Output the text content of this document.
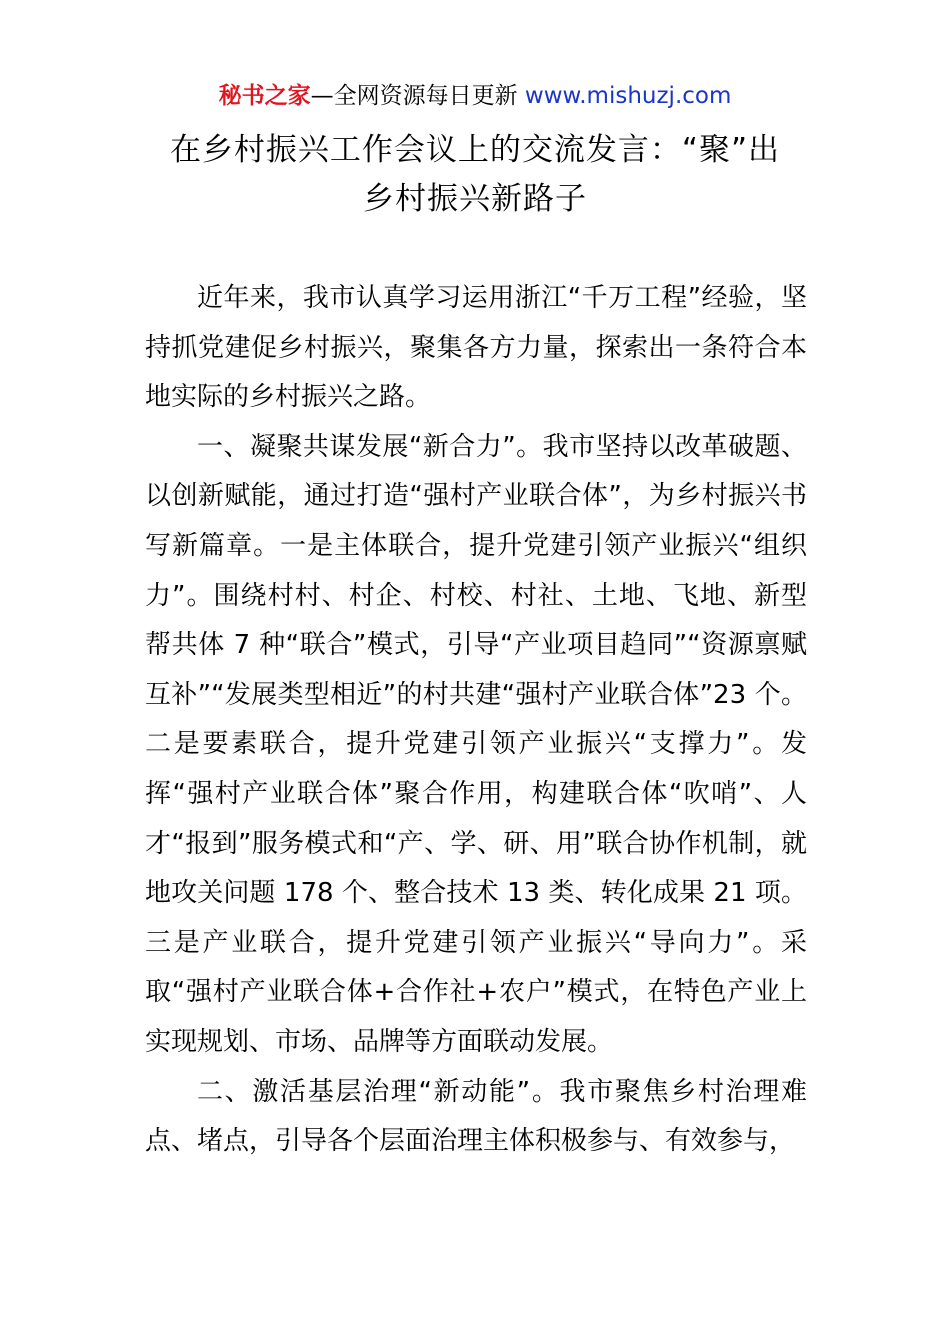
秘书之家—全网资源每日更新 www.mishuzj.com
在乡村振兴工作会议上的交流发言：“聚”出
乡村振兴新路子

近年来，我市认真学习运用浙江“千万工程”经验，坚持抓党建促乡村振兴，聚集各方力量，探索出一条符合本地实际的乡村振兴之路。

一、凝聚共谋发展“新合力”。我市坚持以改革破题、以创新赋能，通过打造“强村产业联合体”，为乡村振兴书写新篇章。一是主体联合，提升党建引领产业振兴“组织力”。围绕村村、村企、村校、村社、土地、飞地、新型帮共体 7 种“联合”模式，引导“产业项目趋同”“资源禀赋互补”“发展类型相近”的村共建“强村产业联合体”23 个。二是要素联合，提升党建引领产业振兴“支撑力”。发挥“强村产业联合体”聚合作用，构建联合体“吹哨”、人才“报到”服务模式和“产、学、研、用”联合协作机制，就地攻关问题 178 个、整合技术 13 类、转化成果 21 项。三是产业联合，提升党建引领产业振兴“导向力”。采取“强村产业联合体+合作社+农户”模式，在特色产业上实现规划、市场、品牌等方面联动发展。

二、激活基层治理“新动能”。我市聚焦乡村治理难点、堵点，引导各个层面治理主体积极参与、有效参与，
